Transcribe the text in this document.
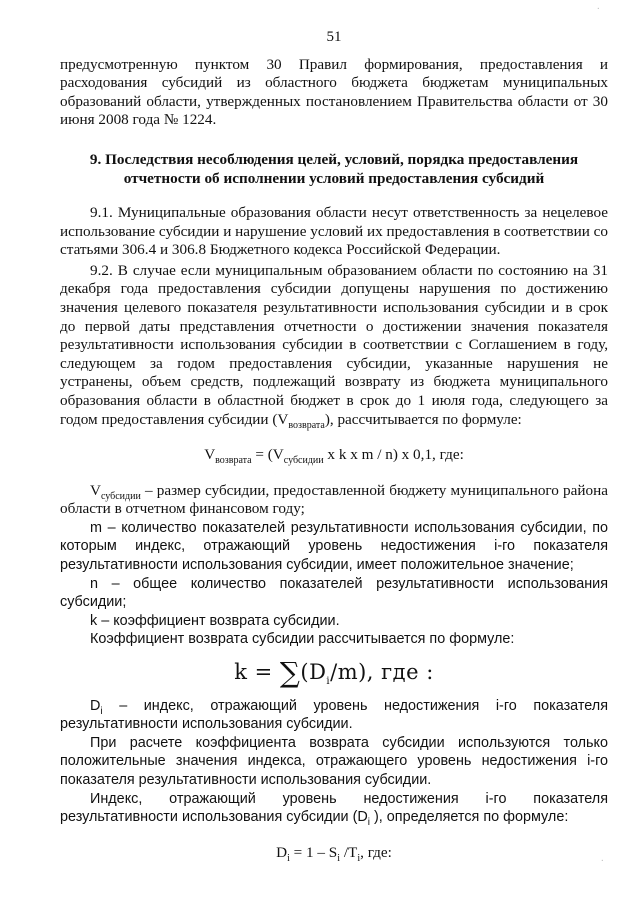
51

предусмотренную пунктом 30 Правил формирования, предоставления и расходования субсидий из областного бюджета бюджетам муниципальных образований области, утвержденных постановлением Правительства области от 30 июня 2008 года № 1224.

9. Последствия несоблюдения целей, условий, порядка предоставления отчетности об исполнении условий предоставления субсидий

9.1. Муниципальные образования области несут ответственность за нецелевое использование субсидии и нарушение условий их предоставления в соответствии со статьями 306.4 и 306.8 Бюджетного кодекса Российской Федерации.

9.2. В случае если муниципальным образованием области по состоянию на 31 декабря года предоставления субсидии допущены нарушения по достижению значения целевого показателя результативности использования субсидии и в срок до первой даты представления отчетности о достижении значения показателя результативности использования субсидии в соответствии с Соглашением в году, следующем за годом предоставления субсидии, указанные нарушения не устранены, объем средств, подлежащий возврату из бюджета муниципального образования области в областной бюджет в срок до 1 июля года, следующего за годом предоставления субсидии $(V_{возврата})$, рассчитывается по формуле:

$V_{возврата} = (V_{субсидии}$ x k x m / n) x 0,1, где:

$V_{субсидии}$ – размер субсидии, предоставленной бюджету муниципального района области в отчетном финансовом году;

m – количество показателей результативности использования субсидии, по которым индекс, отражающий уровень недостижения i-го показателя результативности использования субсидии, имеет положительное значение;

n – общее количество показателей результативности использования субсидии;

k – коэффициент возврата субсидии.

Коэффициент возврата субсидии рассчитывается по формуле:

$k = \sum(D_i/m)$, где :

$D_i$ – индекс, отражающий уровень недостижения i-го показателя результативности использования субсидии.

При расчете коэффициента возврата субсидии используются только положительные значения индекса, отражающего уровень недостижения i-го показателя результативности использования субсидии.

Индекс, отражающий уровень недостижения i-го показателя результативности использования субсидии ($D_i$ ), определяется по формуле:

$D_i = 1 - S_i$ $/T_i$, где:
·
·
